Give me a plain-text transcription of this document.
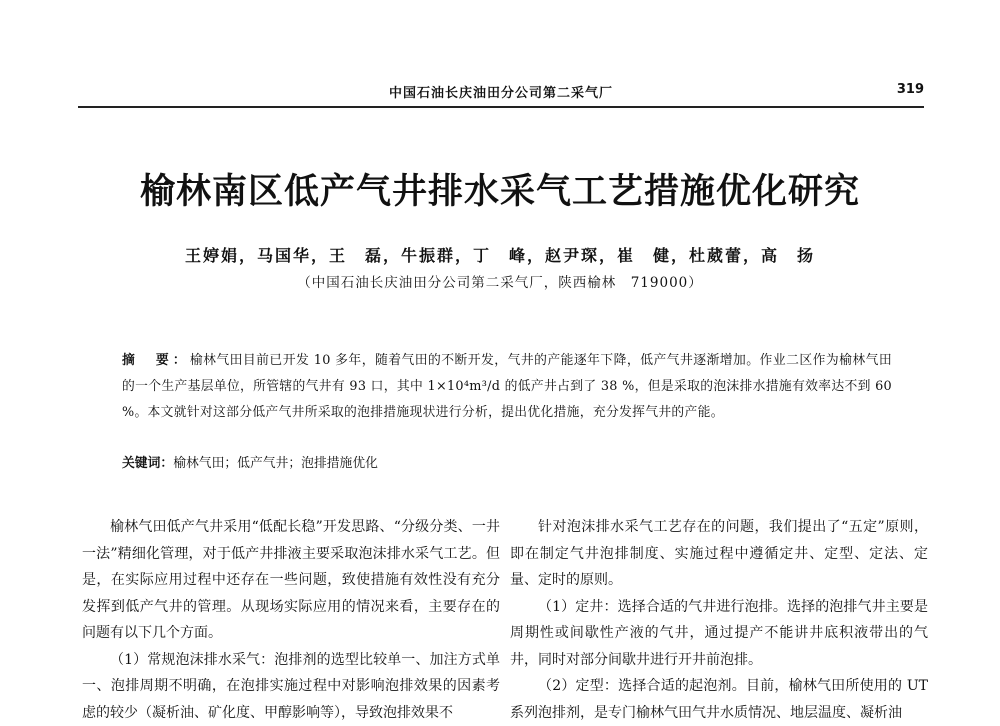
中国石油长庆油田分公司第二采气厂	319
榆林南区低产气井排水采气工艺措施优化研究
王婷娟，马国华，王　磊，牛振群，丁　峰，赵尹琛，崔　健，杜葳蕾，高　扬
（中国石油长庆油田分公司第二采气厂，陕西榆林　719000）
摘　要：榆林气田目前已开发 10 多年，随着气田的不断开发，气井的产能逐年下降，低产气井逐渐增加。作业二区作为榆林气田的一个生产基层单位，所管辖的气井有 93 口，其中 1×10⁴m³/d 的低产井占到了 38 %，但是采取的泡沫排水措施有效率达不到 60 %。本文就针对这部分低产气井所采取的泡排措施现状进行分析，提出优化措施，充分发挥气井的产能。
关键词：榆林气田；低产气井；泡排措施优化

榆林气田低产气井采用“低配长稳”开发思路、“分级分类、一井一法”精细化管理，对于低产井排液主要采取泡沫排水采气工艺。但是，在实际应用过程中还存在一些问题，致使措施有效性没有充分发挥到低产气井的管理。从现场实际应用的情况来看，主要存在的问题有以下几个方面。

（1）常规泡沫排水采气：泡排剂的选型比较单一、加注方式单一、泡排周期不明确，在泡排实施过程中对影响泡排效果的因素考虑的较少（凝析油、矿化度、甲醇影响等），导致泡排效果不

针对泡沫排水采气工艺存在的问题，我们提出了“五定”原则，即在制定气井泡排制度、实施过程中遵循定井、定型、定法、定量、定时的原则。

（1）定井：选择合适的气井进行泡排。选择的泡排气井主要是周期性或间歇性产液的气井，通过提产不能讲井底积液带出的气井，同时对部分间歇井进行开井前泡排。

（2）定型：选择合适的起泡剂。目前，榆林气田所使用的 UT 系列泡排剂，是专门榆林气田气井水质情况、地层温度、凝析油
